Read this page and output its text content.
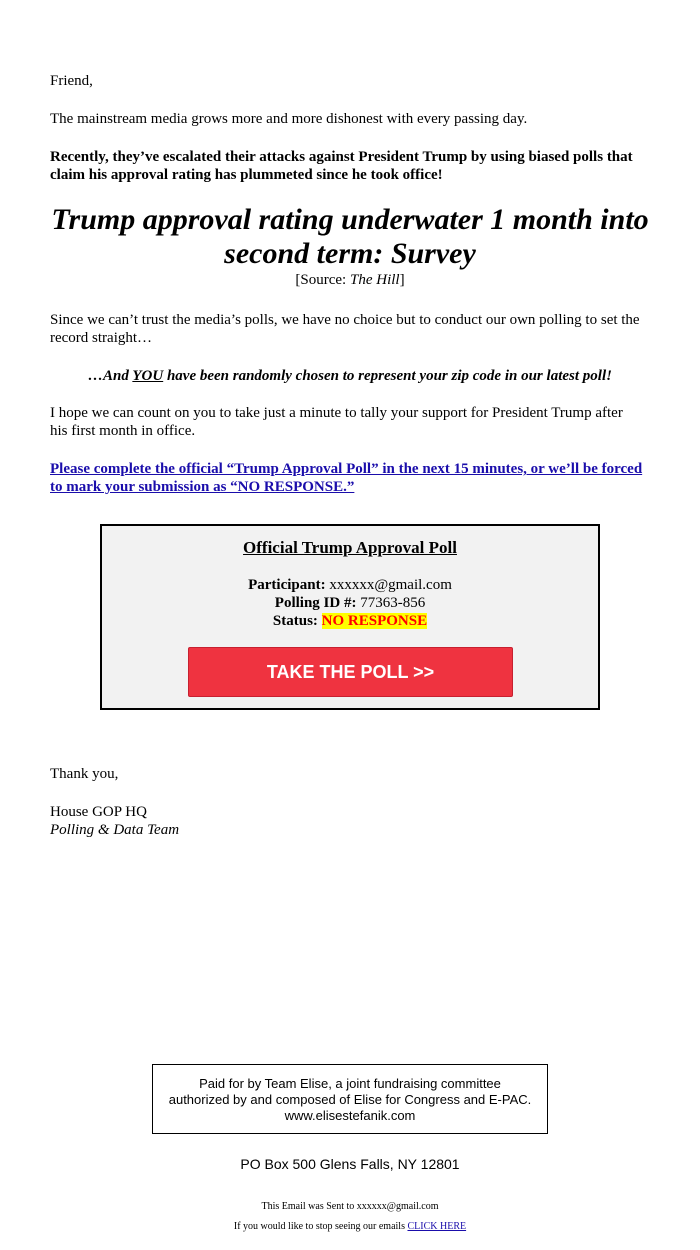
Friend,

The mainstream media grows more and more dishonest with every passing day.

Recently, they’ve escalated their attacks against President Trump by using biased polls that claim his approval rating has plummeted since he took office!

Trump approval rating underwater 1 month into second term: Survey
[Source: The Hill]

Since we can’t trust the media’s polls, we have no choice but to conduct our own polling to set the record straight…

…And YOU have been randomly chosen to represent your zip code in our latest poll!

I hope we can count on you to take just a minute to tally your support for President Trump after his first month in office.

Please complete the official “Trump Approval Poll” in the next 15 minutes, or we’ll be forced to mark your submission as “NO RESPONSE.”

Official Trump Approval Poll
Participant: xxxxxx@gmail.com
Polling ID #: 77363-856
Status: NO RESPONSE
TAKE THE POLL >>

Thank you,

House GOP HQ

Polling & Data Team

Paid for by Team Elise, a joint fundraising committee authorized by and composed of Elise for Congress and E-PAC. www.elisestefanik.com
PO Box 500 Glens Falls, NY 12801
This Email was Sent to xxxxxx@gmail.com
If you would like to stop seeing our emails CLICK HERE
